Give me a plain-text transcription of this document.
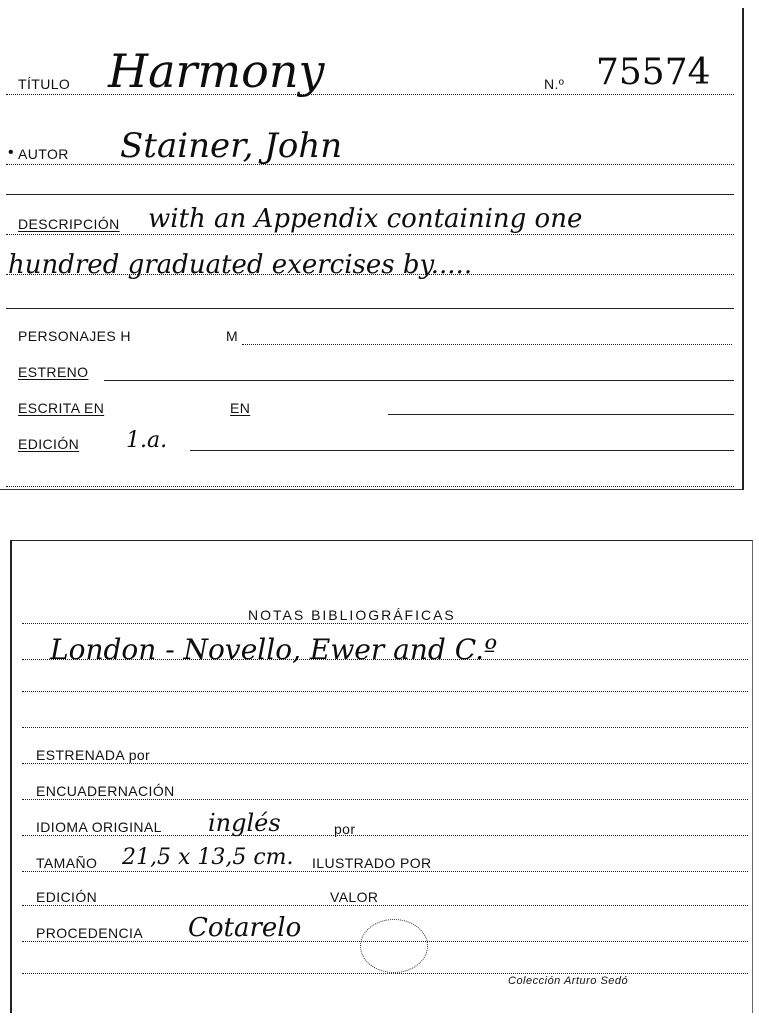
TÍTULO Harmony	N.º 75574
• AUTOR Stainer, John
DESCRIPCIÓN with an Appendix containing one
hundred graduated exercises by.....
PERSONAJES H	M
ESTRENO
ESCRITA EN	EN
EDICIÓN 1.a.
NOTAS BIBLIOGRÁFICAS
London - Novello, Ewer and C.º
ESTRENADA por
ENCUADERNACIÓN
IDIOMA ORIGINAL inglés	por
TAMAÑO 21,5 x 13,5 cm. ILUSTRADO POR
EDICIÓN	VALOR
PROCEDENCIA Cotarelo
Colección Arturo Sedó
